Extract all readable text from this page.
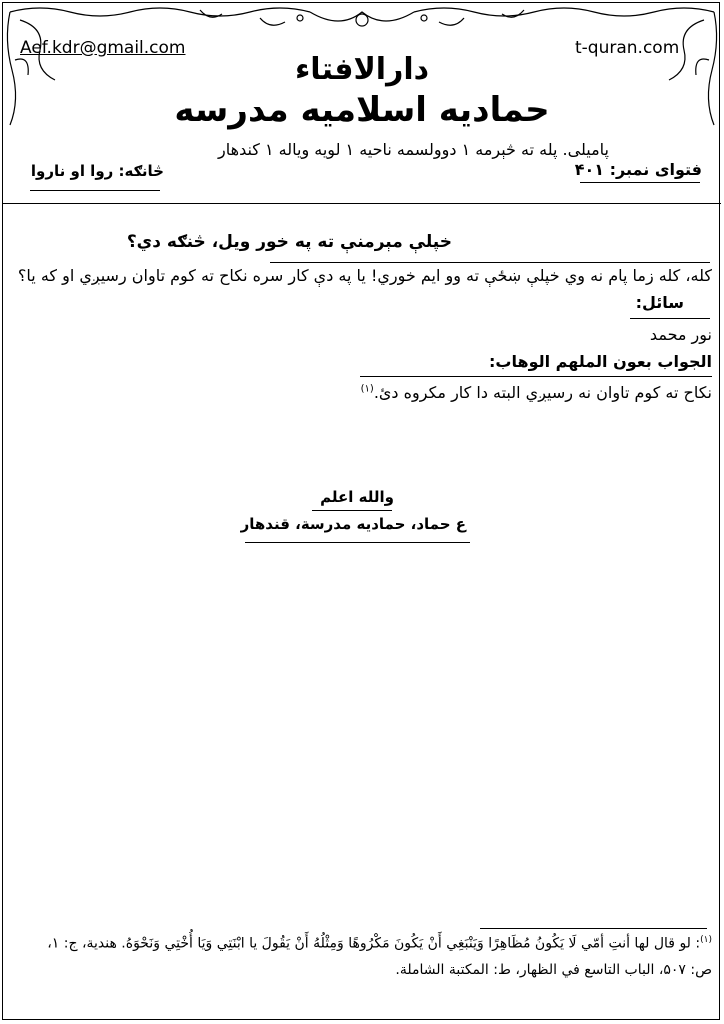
Aef.kdr@gmail.com	t-quran.com
دارالافتاء
حمادیه اسلامیه مدرسه
پامیلی. پله ته څېرمه ۱ دوولسمه ناحیه ۱ لویه ویاله ۱ کندهار
فتوای نمبر: ۴۰۱
څانګه: روا او ناروا
خپلې مېرمنې ته په خور ویل، څنګه دي؟
کله، کله زما پام نه وي خپلې ښځې ته وو ایم خوري! یا په دې کار سره نکاح ته کوم تاوان رسیږي او که یا؟
سائل:
نور محمد
الجواب بعون الملهم الوهاب:
نکاح ته کوم تاوان نه رسیږي البته دا کار مکروه دئ.$^{(۱)}$
والله اعلم
ع حماد، حمادیه مدرسة، قندهار
$^{(۱)}$: لو قال لها أنتِ أمّي لَا يَكُونُ مُظَاهِرًا وَيَنْبَغِي أَنْ يَكُونَ مَكْرُوهًا وَمِثْلُهُ أَنْ يَقُولَ يا ابْنَتِي وَيَا أُخْتِي وَنَحْوَهُ. هندية، ج: ۱،
ص: ۵۰۷، الباب التاسع في الظهار، ط: المكتبة الشاملة.
